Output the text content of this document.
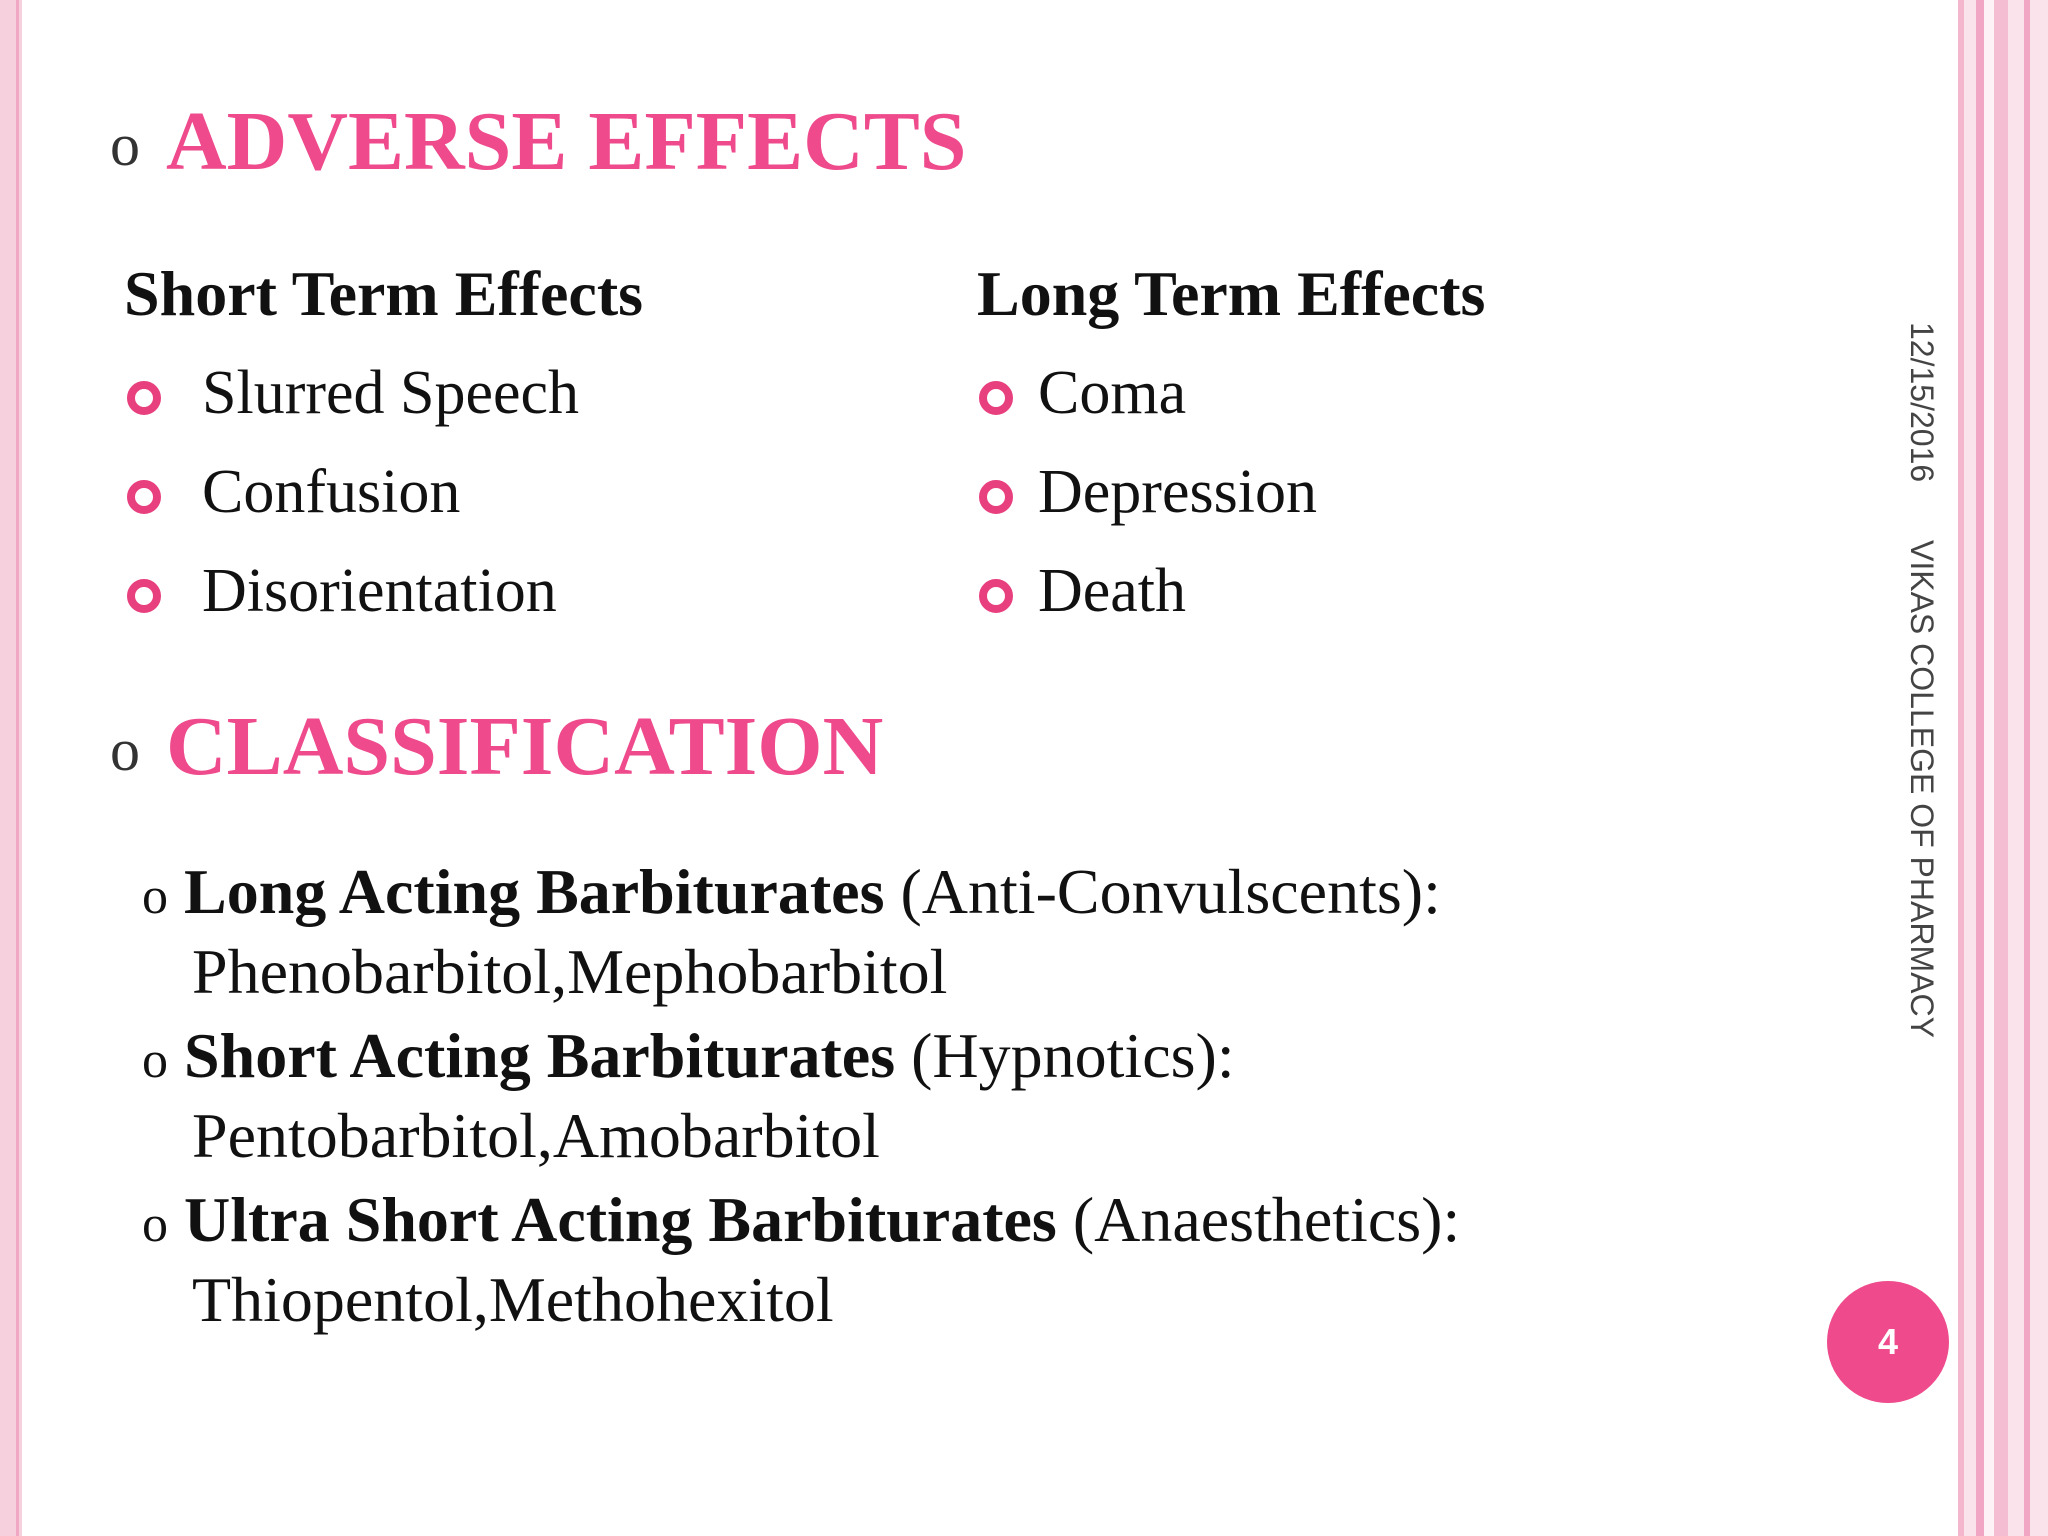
o ADVERSE EFFECTS
Short Term Effects
Slurred Speech
Confusion
Disorientation
Long Term Effects
Coma
Depression
Death
o CLASSIFICATION
o Long Acting Barbiturates (Anti-Convulscents):
Phenobarbitol,Mephobarbitol
o Short Acting Barbiturates (Hypnotics):
Pentobarbitol,Amobarbitol
o Ultra Short Acting Barbiturates (Anaesthetics):
Thiopentol,Methohexitol
12/15/2016
VIKAS COLLEGE OF PHARMACY
4
